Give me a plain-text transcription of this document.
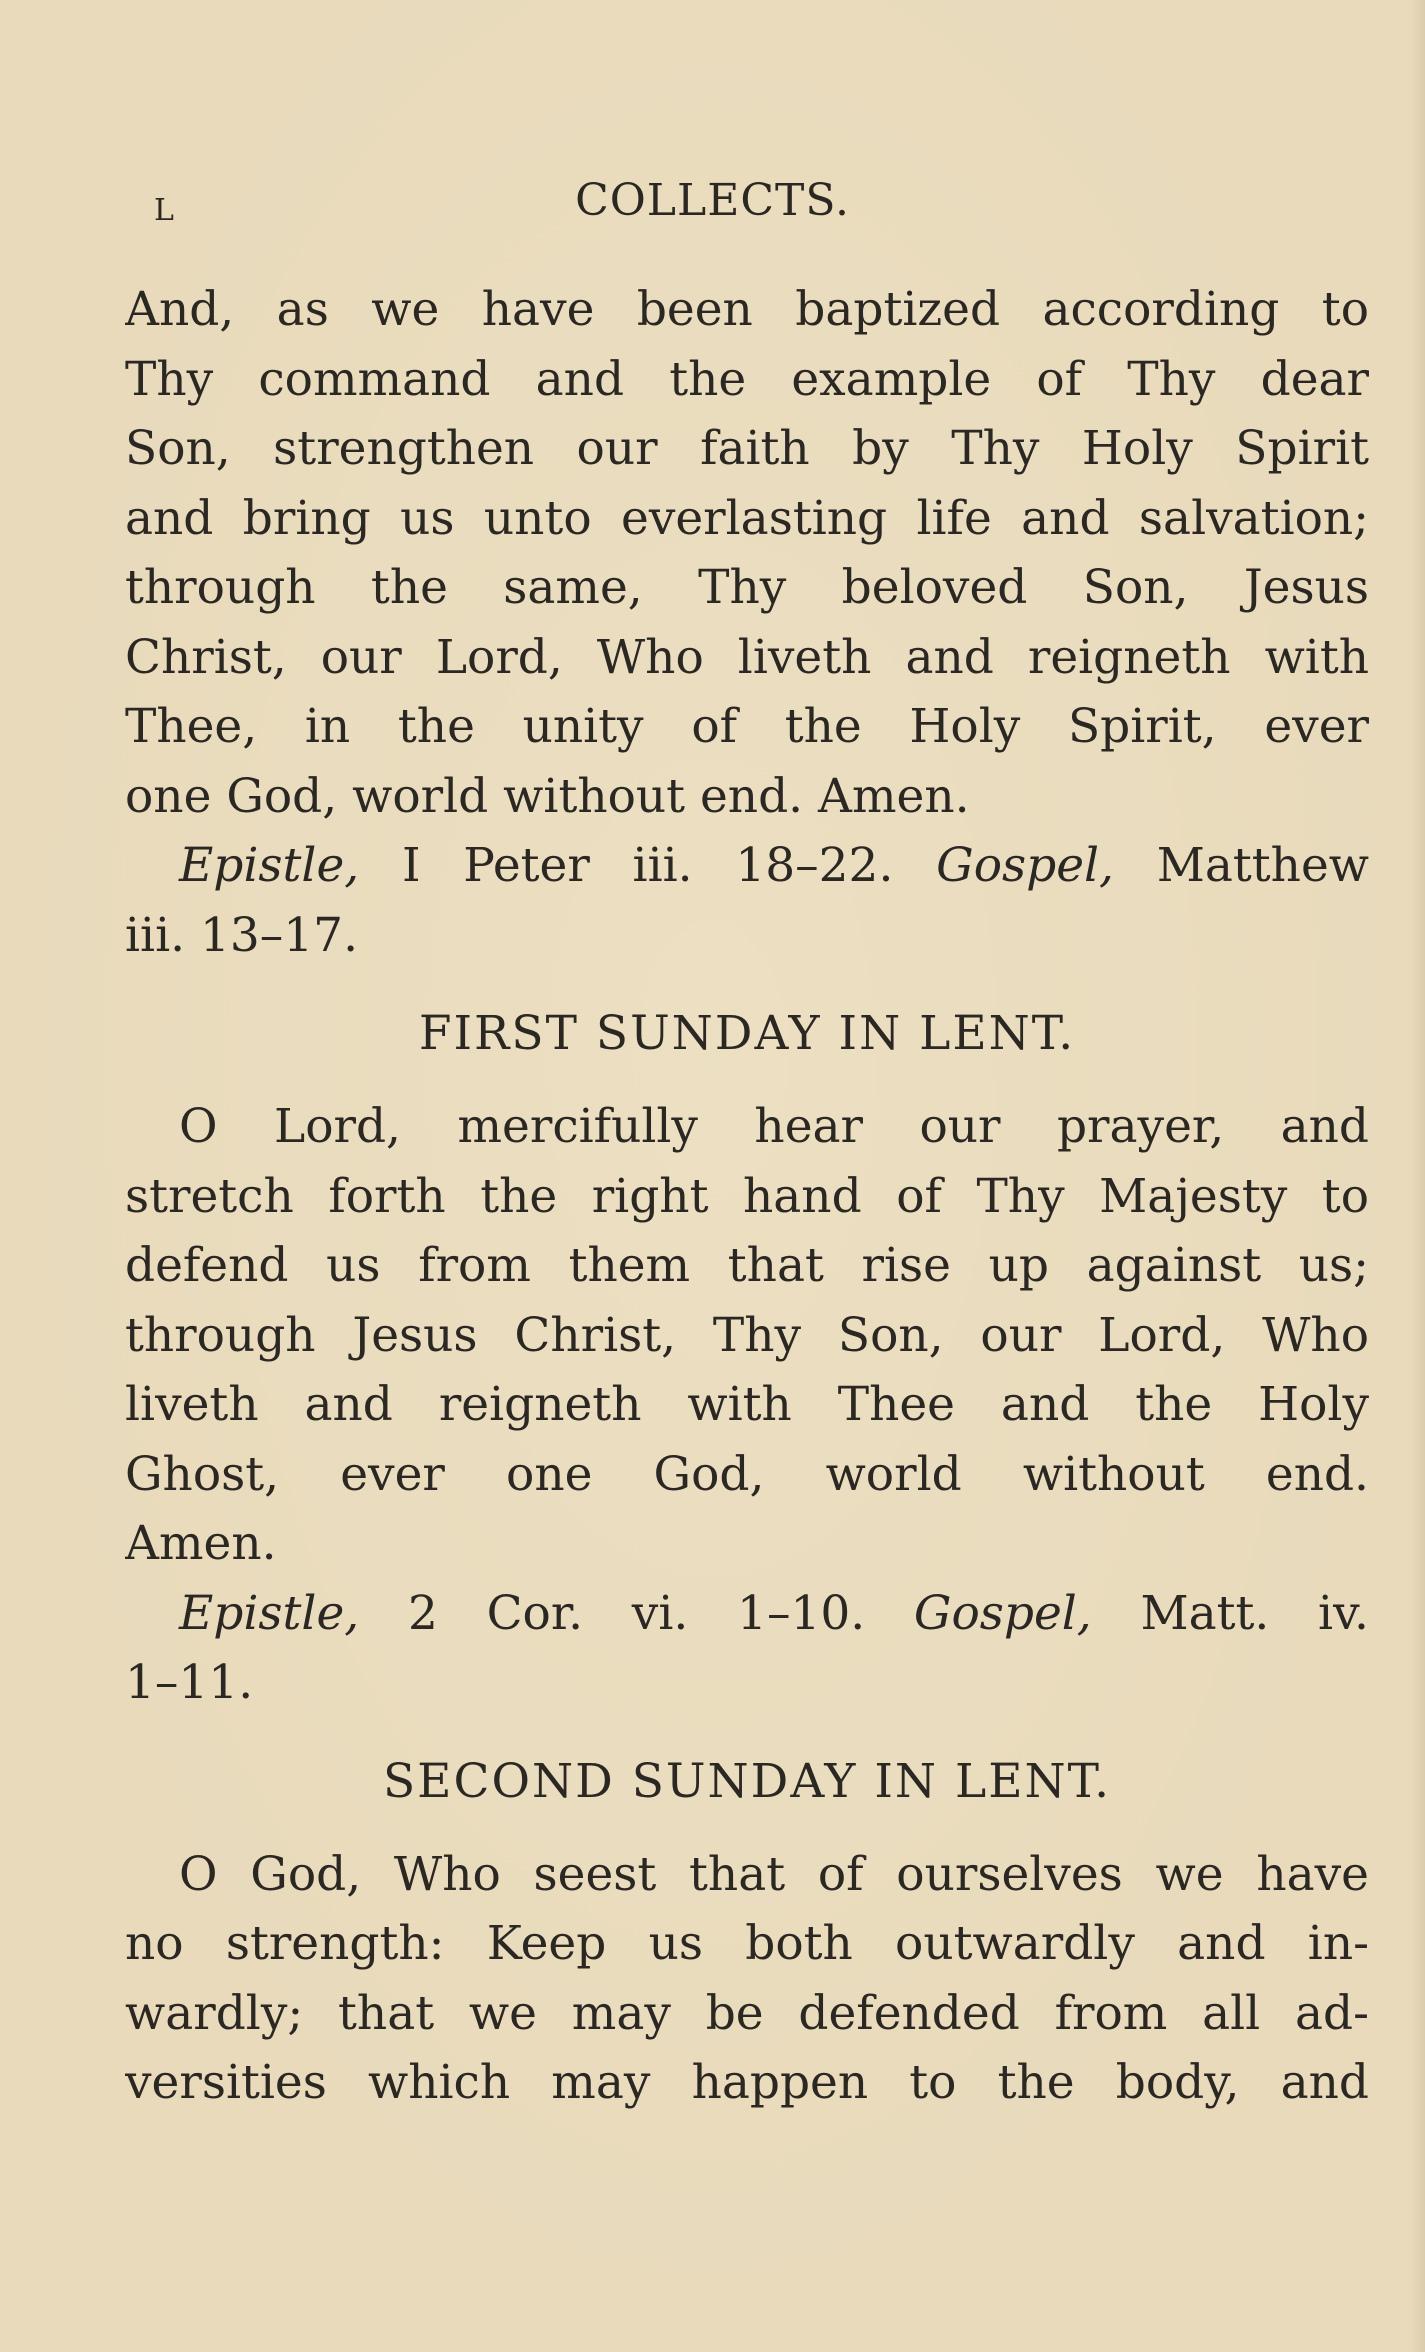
L	COLLECTS.
And, as we have been baptized according to
Thy command and the example of Thy dear
Son, strengthen our faith by Thy Holy Spirit
and bring us unto everlasting life and salvation;
through the same, Thy beloved Son, Jesus
Christ, our Lord, Who liveth and reigneth with
Thee, in the unity of the Holy Spirit, ever
one God, world without end. Amen.
Epistle, I Peter iii. 18–22. Gospel, Matthew
iii. 13–17.
FIRST SUNDAY IN LENT.
O Lord, mercifully hear our prayer, and
stretch forth the right hand of Thy Majesty to
defend us from them that rise up against us;
through Jesus Christ, Thy Son, our Lord, Who
liveth and reigneth with Thee and the Holy
Ghost, ever one God, world without end.
Amen.
Epistle, 2 Cor. vi. 1–10. Gospel, Matt. iv.
1–11.
SECOND SUNDAY IN LENT.
O God, Who seest that of ourselves we have
no strength: Keep us both outwardly and in-
wardly; that we may be defended from all ad-
versities which may happen to the body, and
